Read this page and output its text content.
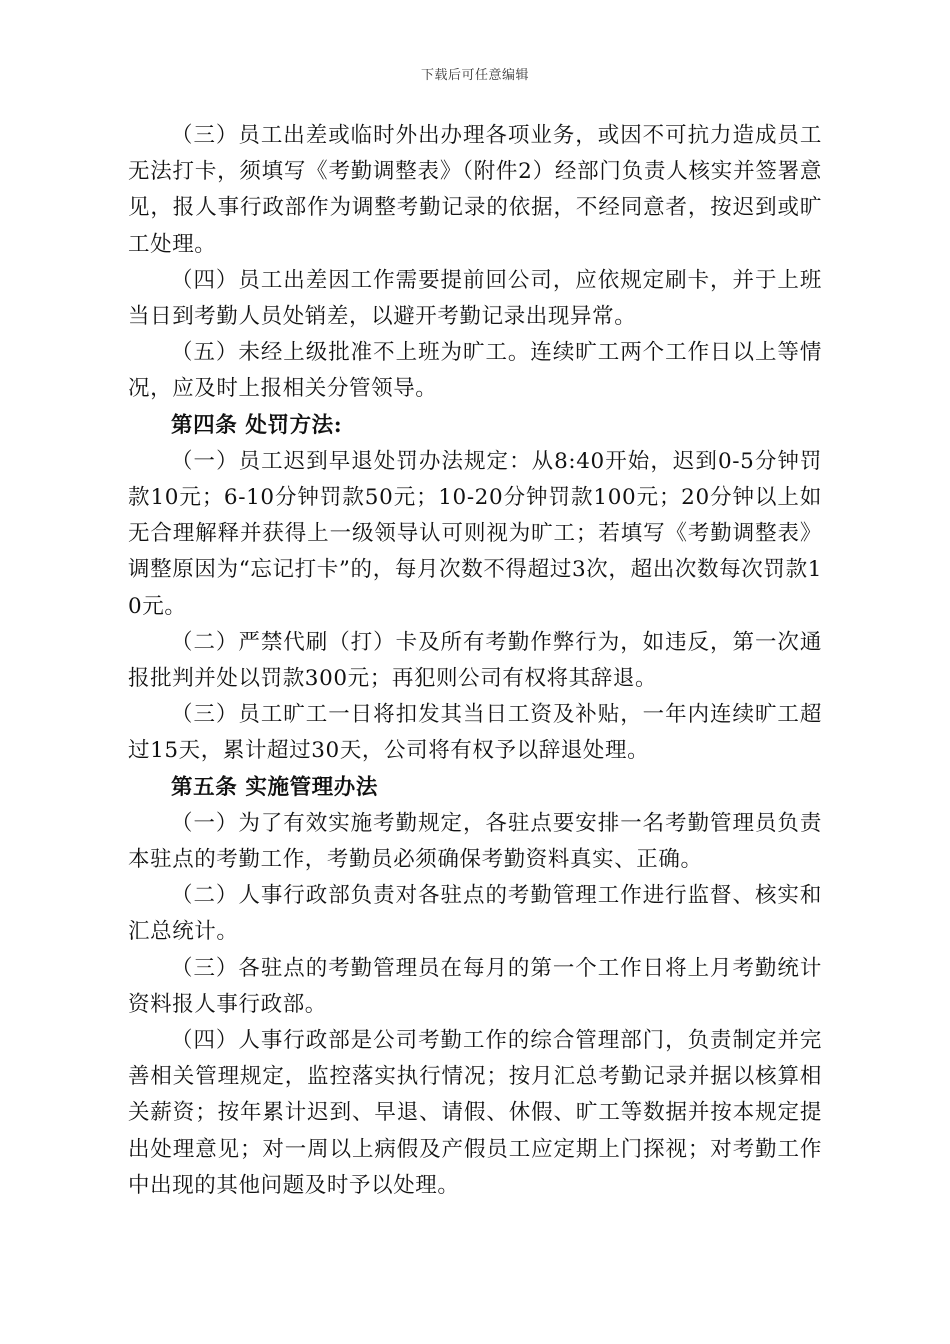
下载后可任意编辑

（三）员工出差或临时外出办理各项业务，或因不可抗力造成员工无法打卡，须填写《考勤调整表》（附件2）经部门负责人核实并签署意见，报人事行政部作为调整考勤记录的依据，不经同意者，按迟到或旷工处理。

（四）员工出差因工作需要提前回公司，应依规定刷卡，并于上班当日到考勤人员处销差，以避开考勤记录出现异常。

（五）未经上级批准不上班为旷工。连续旷工两个工作日以上等情况，应及时上报相关分管领导。

第四条 处罚方法:

（一）员工迟到早退处罚办法规定：从8:40开始，迟到0-5分钟罚款10元；6-10分钟罚款50元；10-20分钟罚款100元；20分钟以上如无合理解释并获得上一级领导认可则视为旷工；若填写《考勤调整表》调整原因为“忘记打卡”的，每月次数不得超过3次，超出次数每次罚款10元。

（二）严禁代刷（打）卡及所有考勤作弊行为，如违反，第一次通报批判并处以罚款300元；再犯则公司有权将其辞退。

（三）员工旷工一日将扣发其当日工资及补贴，一年内连续旷工超过15天，累计超过30天，公司将有权予以辞退处理。

第五条 实施管理办法

（一）为了有效实施考勤规定，各驻点要安排一名考勤管理员负责本驻点的考勤工作，考勤员必须确保考勤资料真实、正确。

（二）人事行政部负责对各驻点的考勤管理工作进行监督、核实和汇总统计。

（三）各驻点的考勤管理员在每月的第一个工作日将上月考勤统计资料报人事行政部。

（四）人事行政部是公司考勤工作的综合管理部门，负责制定并完善相关管理规定，监控落实执行情况；按月汇总考勤记录并据以核算相关薪资；按年累计迟到、早退、请假、休假、旷工等数据并按本规定提出处理意见；对一周以上病假及产假员工应定期上门探视；对考勤工作中出现的其他问题及时予以处理。
